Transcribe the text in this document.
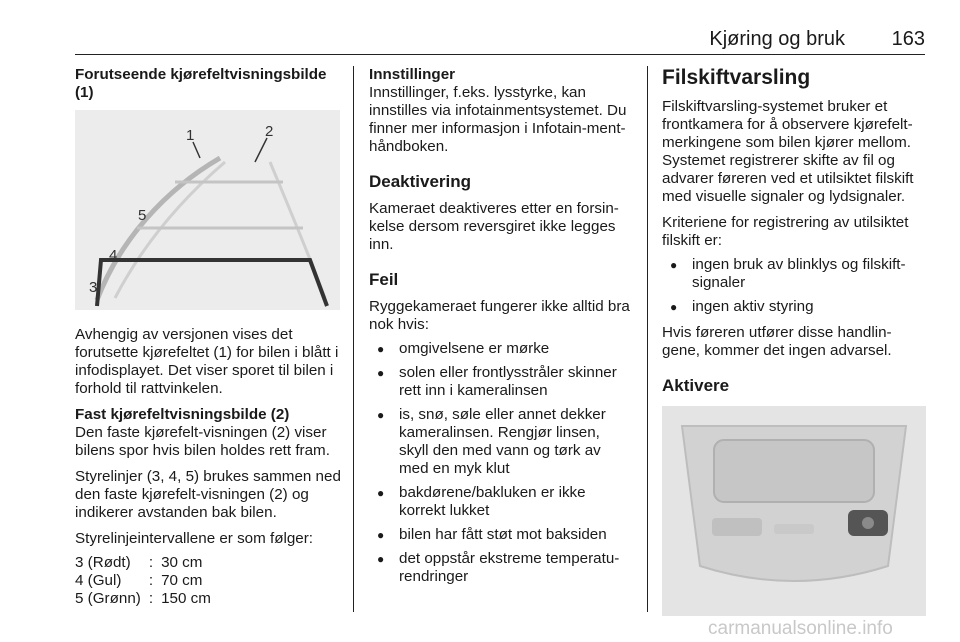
Kjøring og bruk 163

Forutseende kjørefeltvisningsbilde (1)

1	2
3
4
5

Avhengig av versjonen vises det forutsette kjørefeltet (1) for bilen i blått i infodisplayet. Det viser sporet til bilen i forhold til rattvinkelen.

Fast kjørefeltvisningsbilde (2)

Den faste kjørefelt-visningen (2) viser bilens spor hvis bilen holdes rett fram.

Styrelinjer (3, 4, 5) brukes sammen ned den faste kjørefelt-visningen (2) og indikerer avstanden bak bilen.

Styrelinjeintervallene er som følger:

3 (Rødt)	:	30 cm
4 (Gul)	:	70 cm
5 (Grønn)	:	150 cm

Innstillinger

Innstillinger, f.eks. lysstyrke, kan innstilles via infotainmentsystemet. Du finner mer informasjon i Infotain-ment-håndboken.

Deaktivering

Kameraet deaktiveres etter en forsin-kelse dersom reversgiret ikke legges inn.

Feil

Ryggekameraet fungerer ikke alltid bra nok hvis:

● omgivelsene er mørke
● solen eller frontlysstråler skinner rett inn i kameralinsen
● is, snø, søle eller annet dekker kameralinsen. Rengjør linsen, skyll den med vann og tørk av med en myk klut
● bakdørene/bakluken er ikke korrekt lukket
● bilen har fått støt mot baksiden
● det oppstår ekstreme temperatu-rendringer
Filskiftvarsling

Filskiftvarsling-systemet bruker et frontkamera for å observere kjørefelt-merkingene som bilen kjører mellom. Systemet registrerer skifte av fil og advarer føreren ved et utilsiktet filskift med visuelle signaler og lydsignaler.

Kriteriene for registrering av utilsiktet filskift er:

● ingen bruk av blinklys og filskift-signaler
● ingen aktiv styring

Hvis føreren utfører disse handlin-gene, kommer det ingen advarsel.

Aktivere
carmanualsonline.info
